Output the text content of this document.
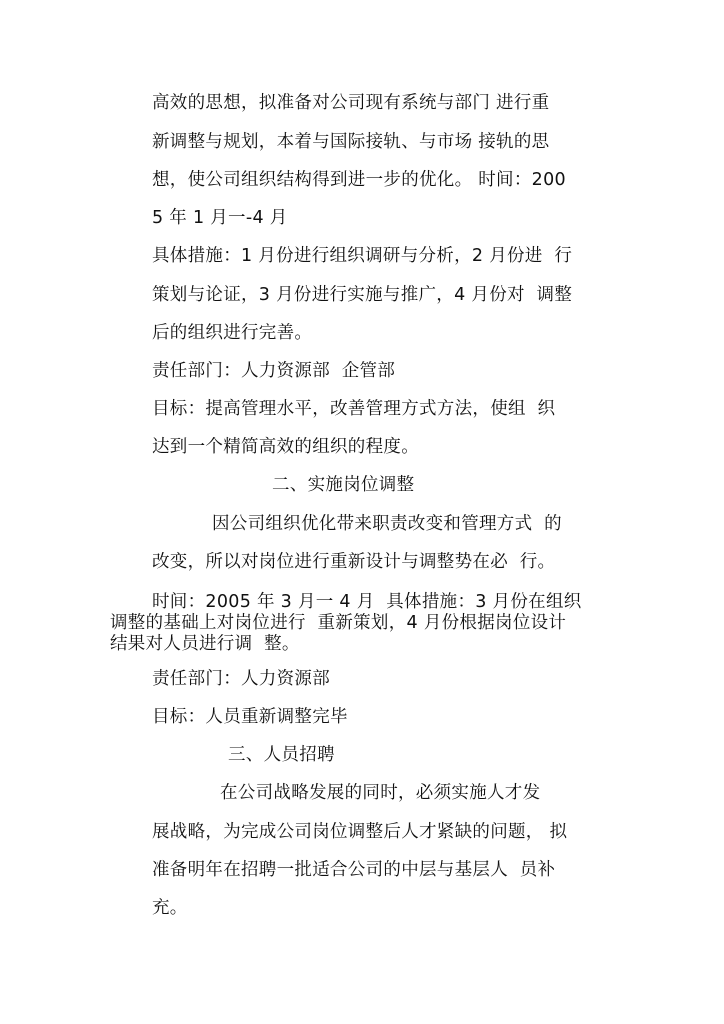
高效的思想，拟准备对公司现有系统与部门 进行重
新调整与规划，本着与国际接轨、与市场 接轨的思
想，使公司组织结构得到进一步的优化。 时间：200
5 年 1 月一-4 月
具体措施：1 月份进行组织调研与分析，2 月份进  行
策划与论证，3 月份进行实施与推广，4 月份对  调整
后的组织进行完善。
责任部门：人力资源部  企管部
目标：提高管理水平，改善管理方式方法，使组  织
达到一个精简高效的组织的程度。
二、实施岗位调整
因公司组织优化带来职责改变和管理方式  的
改变，所以对岗位进行重新设计与调整势在必  行。
时间：2005 年 3 月一 4 月  具体措施：3 月份在组织
调整的基础上对岗位进行  重新策划，4 月份根据岗位设计
结果对人员进行调  整。
责任部门：人力资源部
目标：人员重新调整完毕
三、人员招聘
在公司战略发展的同时，必须实施人才发
展战略，为完成公司岗位调整后人才紧缺的问题， 拟
准备明年在招聘一批适合公司的中层与基层人  员补
充。
